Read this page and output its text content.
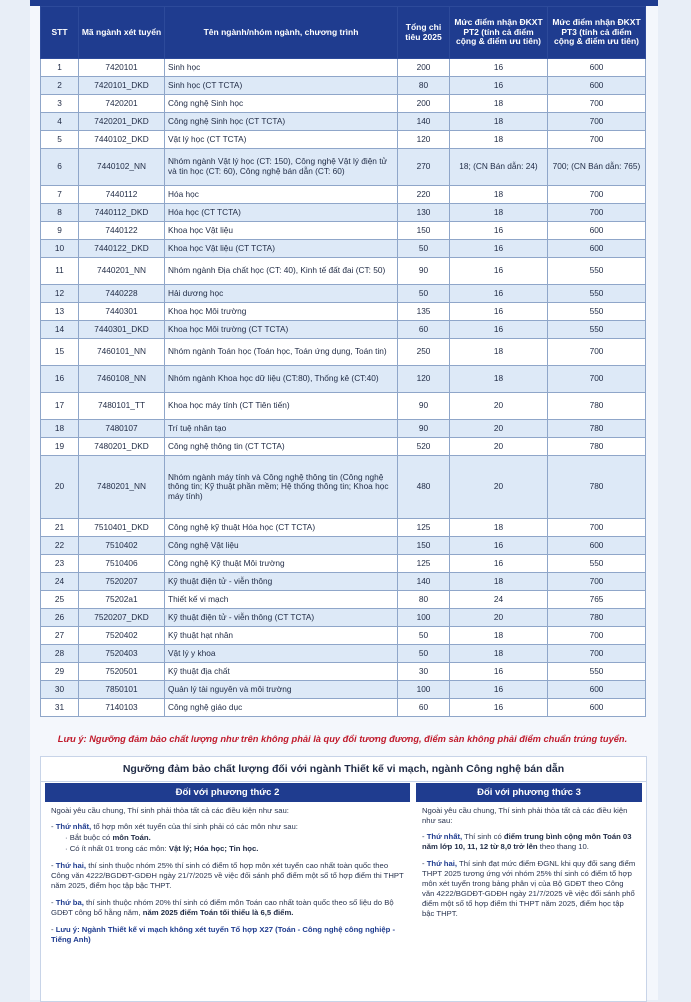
STT	Mã ngành xét tuyển	Tên ngành/nhóm ngành, chương trình	Tổng chỉ tiêu 2025	Mức điểm nhận ĐKXT PT2 (tính cả điểm cộng & điểm ưu tiên)	Mức điểm nhận ĐKXT PT3 (tính cả điểm cộng & điểm ưu tiên)
1	7420101	Sinh học	200	16	600
2	7420101_DKD	Sinh học (CT TCTA)	80	16	600
3	7420201	Công nghệ Sinh học	200	18	700
4	7420201_DKD	Công nghệ Sinh học (CT TCTA)	140	18	700
5	7440102_DKD	Vật lý học (CT TCTA)	120	18	700
6	7440102_NN	Nhóm ngành Vật lý học (CT: 150), Công nghệ Vật lý điện tử và tin học (CT: 60), Công nghệ bán dẫn (CT: 60)	270	18; (CN Bán dẫn: 24)	700; (CN Bán dẫn: 765)
7	7440112	Hóa học	220	18	700
8	7440112_DKD	Hóa học (CT TCTA)	130	18	700
9	7440122	Khoa học Vật liệu	150	16	600
10	7440122_DKD	Khoa học Vật liệu (CT TCTA)	50	16	600
11	7440201_NN	Nhóm ngành Địa chất học (CT: 40), Kinh tế đất đai (CT: 50)	90	16	550
12	7440228	Hải dương học	50	16	550
13	7440301	Khoa học Môi trường	135	16	550
14	7440301_DKD	Khoa học Môi trường (CT TCTA)	60	16	550
15	7460101_NN	Nhóm ngành Toán học (Toán học, Toán ứng dụng, Toán tin)	250	18	700
16	7460108_NN	Nhóm ngành Khoa học dữ liệu (CT:80), Thống kê (CT:40)	120	18	700
17	7480101_TT	Khoa học máy tính (CT Tiên tiến)	90	20	780
18	7480107	Trí tuệ nhân tạo	90	20	780
19	7480201_DKD	Công nghệ thông tin (CT TCTA)	520	20	780
20	7480201_NN	Nhóm ngành máy tính và Công nghệ thông tin (Công nghệ thông tin; Kỹ thuật phần mềm; Hệ thống thông tin; Khoa học máy tính)	480	20	780
21	7510401_DKD	Công nghệ kỹ thuật Hóa học (CT TCTA)	125	18	700
22	7510402	Công nghệ Vật liệu	150	16	600
23	7510406	Công nghệ Kỹ thuật Môi trường	125	16	550
24	7520207	Kỹ thuật điện tử - viễn thông	140	18	700
25	75202a1	Thiết kế vi mạch	80	24	765
26	7520207_DKD	Kỹ thuật điện tử - viễn thông (CT TCTA)	100	20	780
27	7520402	Kỹ thuật hạt nhân	50	18	700
28	7520403	Vật lý y khoa	50	18	700
29	7520501	Kỹ thuật địa chất	30	16	550
30	7850101	Quản lý tài nguyên và môi trường	100	16	600
31	7140103	Công nghệ giáo dục	60	16	600
Lưu ý: Ngưỡng đảm bảo chất lượng như trên không phải là quy đổi tương đương, điểm sàn không phải điểm chuẩn trúng tuyển.
Ngưỡng đảm bảo chất lượng đối với ngành Thiết kế vi mạch, ngành Công nghệ bán dẫn
Đối với phương thức 2

Ngoài yêu cầu chung, Thí sinh phải thỏa tất cả các điều kiện như sau:

- Thứ nhất, tổ hợp môn xét tuyển của thí sinh phải có các môn như sau:
· Bắt buộc có môn Toán.
· Có ít nhất 01 trong các môn: Vật lý; Hóa học; Tin học.
- Thứ hai, thí sinh thuộc nhóm 25% thí sinh có điểm tổ hợp môn xét tuyển cao nhất toàn quốc theo Công văn 4222/BGDĐT-GDĐH ngày 21/7/2025 về việc đối sánh phổ điểm một số tổ hợp điểm thi THPT năm 2025, điểm học tập bậc THPT.
- Thứ ba, thí sinh thuộc nhóm 20% thí sinh có điểm môn Toán cao nhất toàn quốc theo số liệu do Bộ GDĐT công bố hằng năm, năm 2025 điểm Toán tối thiểu là 6,5 điểm.
- Lưu ý: Ngành Thiết kế vi mạch không xét tuyển Tổ hợp X27 (Toán - Công nghệ công nghiệp - Tiếng Anh)
Đối với phương thức 3

Ngoài yêu cầu chung, Thí sinh phải thỏa tất cả các điều kiện như sau:

- Thứ nhất, Thí sinh có điểm trung bình cộng môn Toán 03 năm lớp 10, 11, 12 từ 8,0 trở lên theo thang 10.
- Thứ hai, Thí sinh đạt mức điểm ĐGNL khi quy đổi sang điểm THPT 2025 tương ứng với nhóm 25% thí sinh có điểm tổ hợp môn xét tuyển trong bảng phân vị của Bộ GDĐT theo Công văn 4222/BGDĐT-GDĐH ngày 21/7/2025 về việc đối sánh phổ điểm một số tổ hợp điểm thi THPT năm 2025, điểm học tập bậc THPT.
